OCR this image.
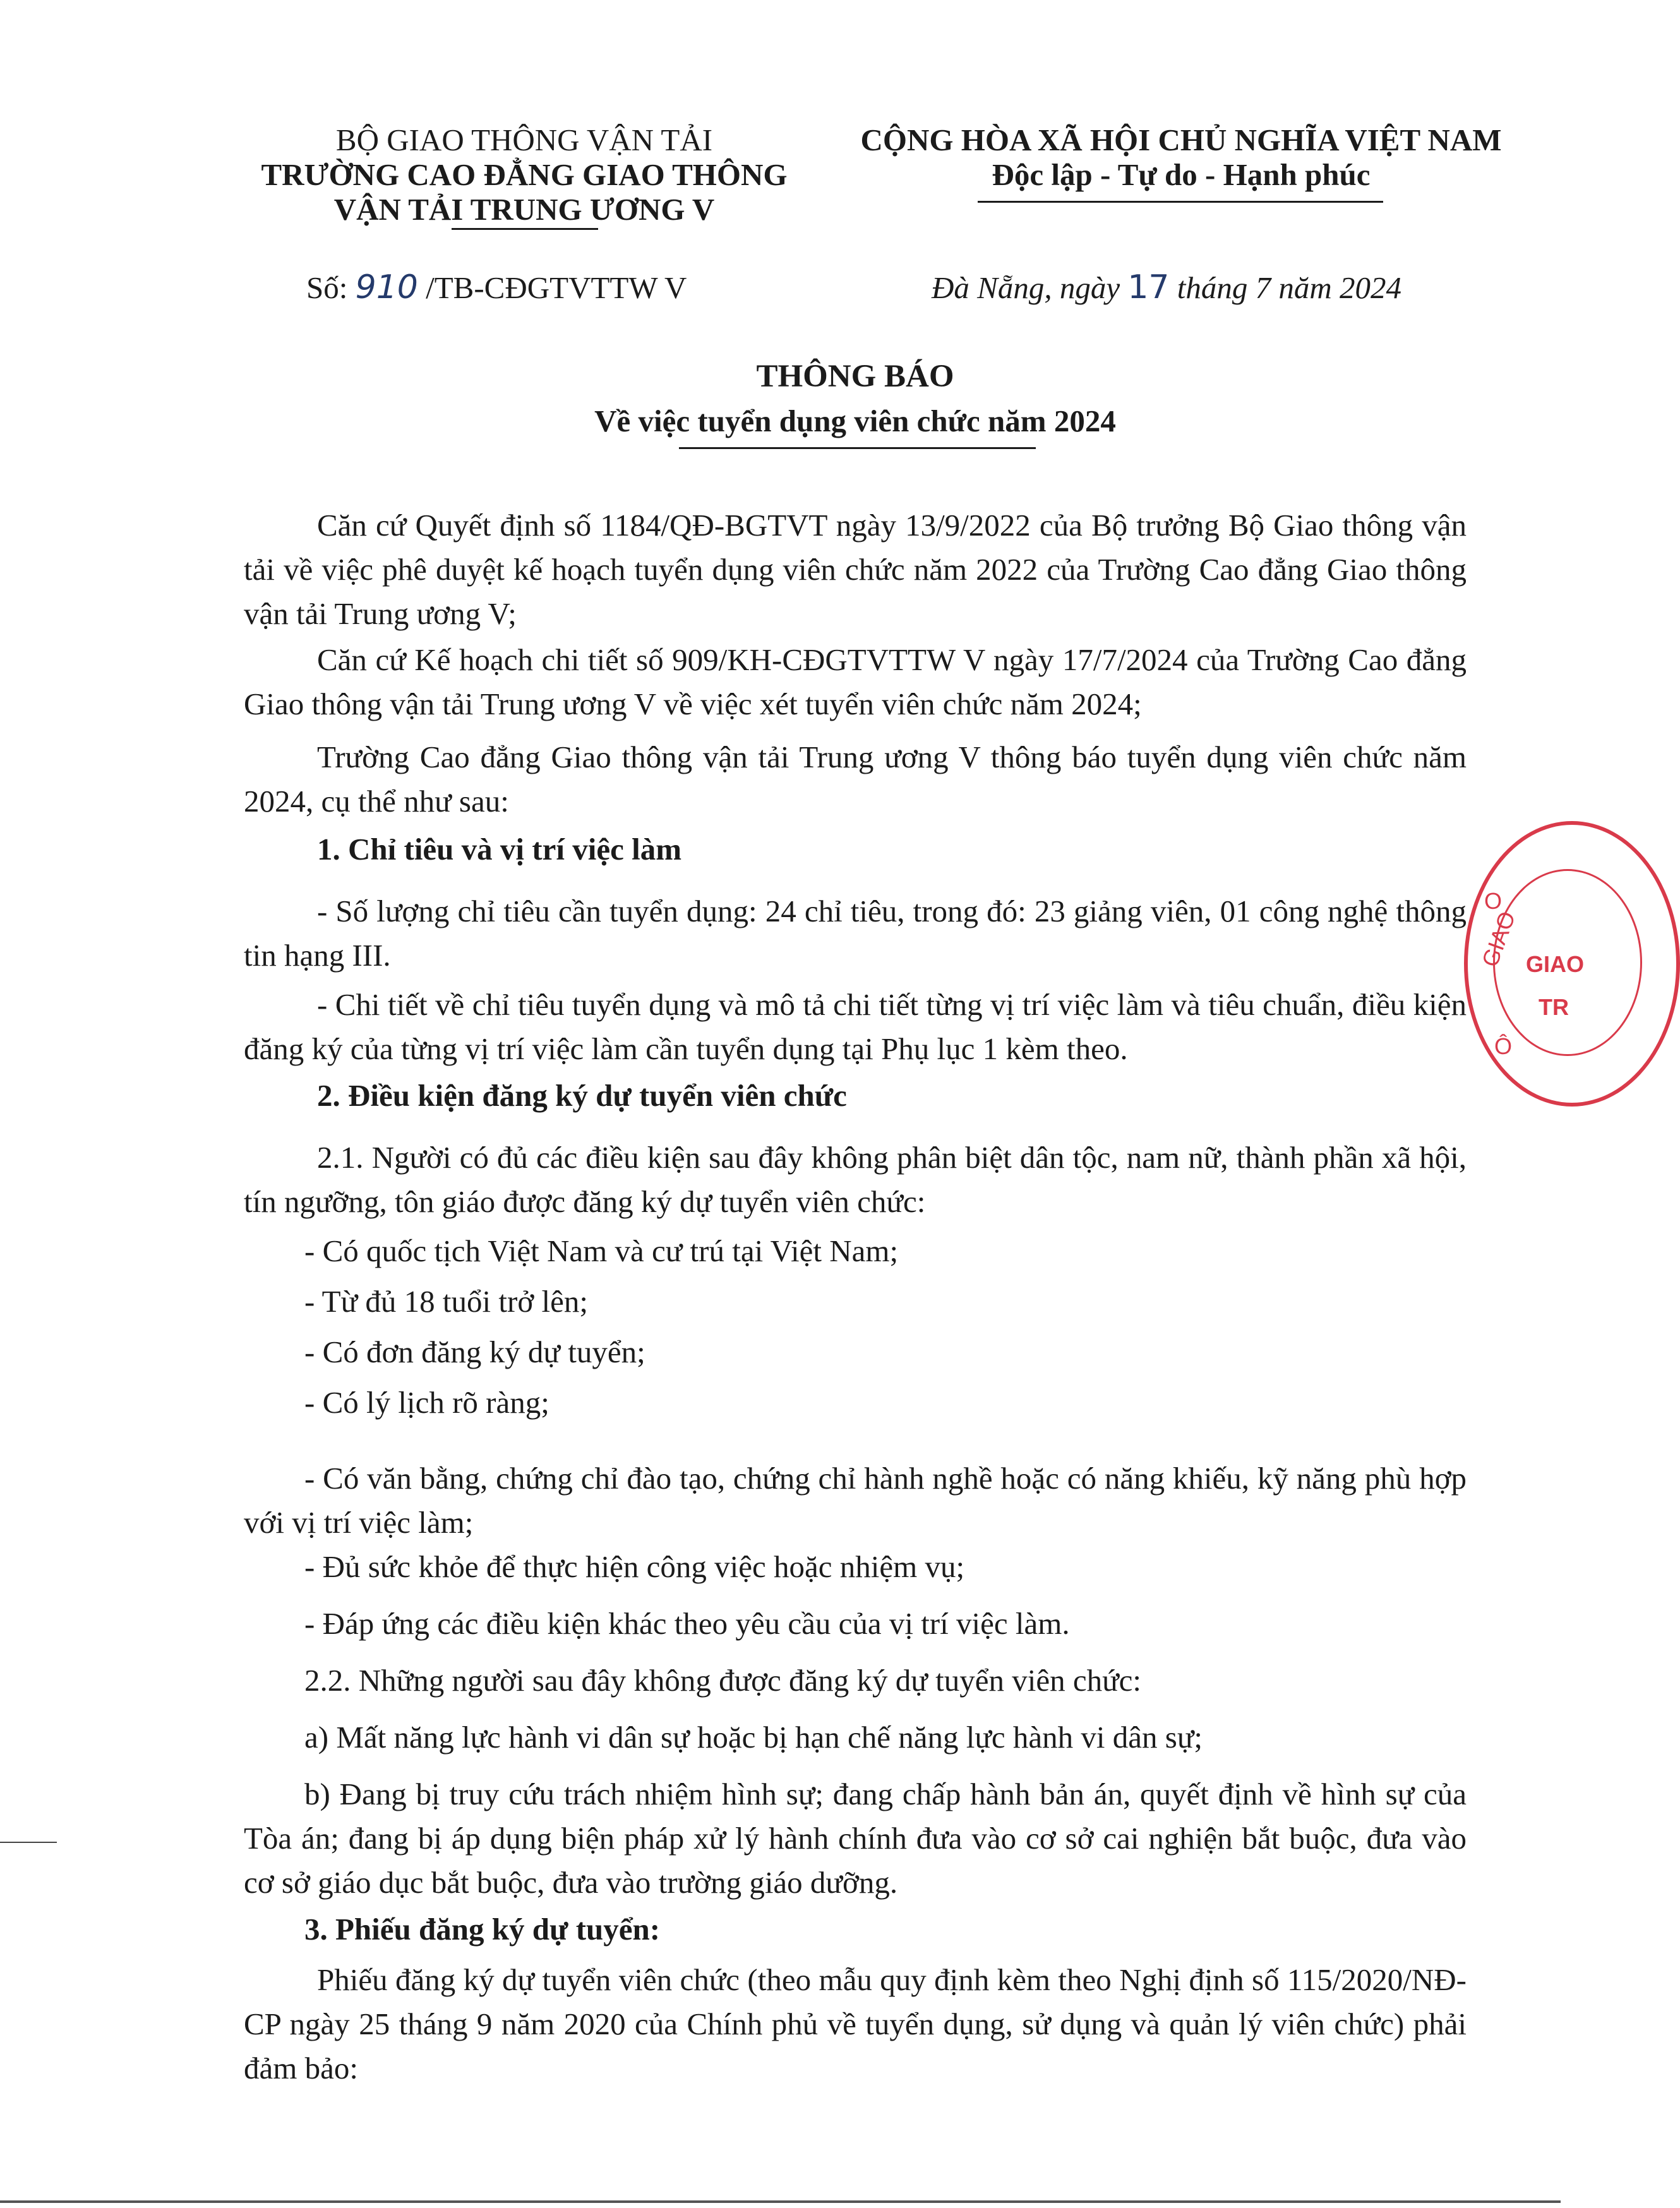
BỘ GIAO THÔNG VẬN TẢI
TRƯỜNG CAO ĐẲNG GIAO THÔNG
VẬN TẢI TRUNG ƯƠNG V
CỘNG HÒA XÃ HỘI CHỦ NGHĨA VIỆT NAM
Độc lập - Tự do - Hạnh phúc
Số: 910 /TB-CĐGTVTTW V	Đà Nẵng, ngày 17 tháng 7 năm 2024
THÔNG BÁO
Về việc tuyển dụng viên chức năm 2024
Căn cứ Quyết định số 1184/QĐ-BGTVT ngày 13/9/2022 của Bộ trưởng Bộ Giao thông vận tải về việc phê duyệt kế hoạch tuyển dụng viên chức năm 2022 của Trường Cao đẳng Giao thông vận tải Trung ương V;
Căn cứ Kế hoạch chi tiết số 909/KH-CĐGTVTTW V ngày 17/7/2024 của Trường Cao đẳng Giao thông vận tải Trung ương V về việc xét tuyển viên chức năm 2024;
Trường Cao đẳng Giao thông vận tải Trung ương V thông báo tuyển dụng viên chức năm 2024, cụ thể như sau:
1. Chỉ tiêu và vị trí việc làm
- Số lượng chỉ tiêu cần tuyển dụng: 24 chỉ tiêu, trong đó: 23 giảng viên, 01 công nghệ thông tin hạng III.
- Chi tiết về chỉ tiêu tuyển dụng và mô tả chi tiết từng vị trí việc làm và tiêu chuẩn, điều kiện đăng ký của từng vị trí việc làm cần tuyển dụng tại Phụ lục 1 kèm theo.
2. Điều kiện đăng ký dự tuyển viên chức
2.1. Người có đủ các điều kiện sau đây không phân biệt dân tộc, nam nữ, thành phần xã hội, tín ngưỡng, tôn giáo được đăng ký dự tuyển viên chức:
- Có quốc tịch Việt Nam và cư trú tại Việt Nam;
- Từ đủ 18 tuổi trở lên;
- Có đơn đăng ký dự tuyển;
- Có lý lịch rõ ràng;
- Có văn bằng, chứng chỉ đào tạo, chứng chỉ hành nghề hoặc có năng khiếu, kỹ năng phù hợp với vị trí việc làm;
- Đủ sức khỏe để thực hiện công việc hoặc nhiệm vụ;
- Đáp ứng các điều kiện khác theo yêu cầu của vị trí việc làm.
2.2. Những người sau đây không được đăng ký dự tuyển viên chức:
a) Mất năng lực hành vi dân sự hoặc bị hạn chế năng lực hành vi dân sự;
b) Đang bị truy cứu trách nhiệm hình sự; đang chấp hành bản án, quyết định về hình sự của Tòa án; đang bị áp dụng biện pháp xử lý hành chính đưa vào cơ sở cai nghiện bắt buộc, đưa vào cơ sở giáo dục bắt buộc, đưa vào trường giáo dưỡng.
3. Phiếu đăng ký dự tuyển:
Phiếu đăng ký dự tuyển viên chức (theo mẫu quy định kèm theo Nghị định số 115/2020/NĐ-CP ngày 25 tháng 9 năm 2020 của Chính phủ về tuyển dụng, sử dụng và quản lý viên chức) phải đảm bảo:
O
GIAO GIAO
TR
Ô
